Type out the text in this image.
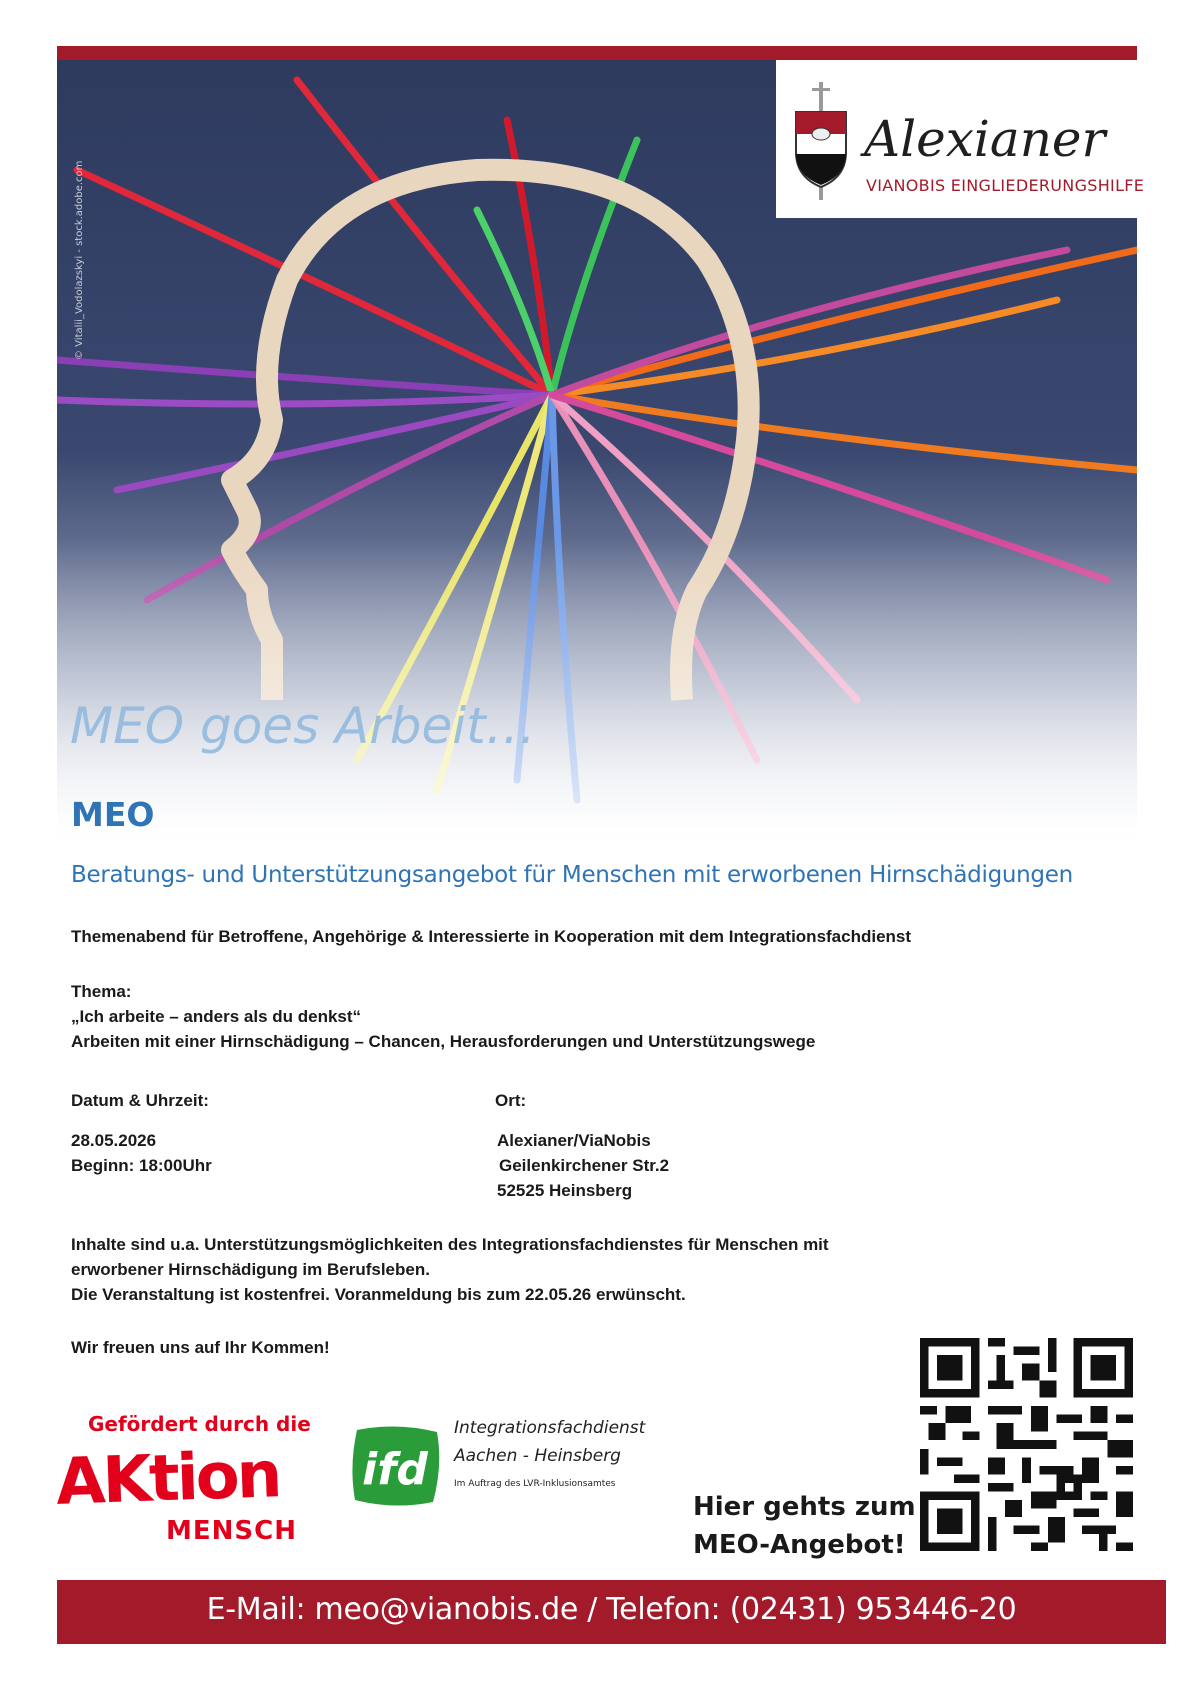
© Vitalii_Vodolazskyi - stock.adobe.com
Alexianer
VIANOBIS EINGLIEDERUNGSHILFE
MEO goes Arbeit…
MEO
Beratungs- und Unterstützungsangebot für Menschen mit erworbenen Hirnschädigungen
Themenabend für Betroffene, Angehörige & Interessierte in Kooperation mit dem Integrationsfachdienst
Thema:
„Ich arbeite – anders als du denkst“
Arbeiten mit einer Hirnschädigung – Chancen, Herausforderungen und Unterstützungswege
Datum & Uhrzeit:
28.05.2026
Beginn: 18:00Uhr
Ort:
Alexianer/ViaNobis
Geilenkirchener Str.2
52525 Heinsberg
Inhalte sind u.a. Unterstützungsmöglichkeiten des Integrationsfachdienstes für Menschen mit
erworbener Hirnschädigung im Berufsleben.
Die Veranstaltung ist kostenfrei. Voranmeldung bis zum 22.05.26 erwünscht.
Wir freuen uns auf Ihr Kommen!
Gefördert durch die
AKtion
MENSCH
ifd
Integrationsfachdienst
Aachen - Heinsberg
Im Auftrag des LVR-Inklusionsamtes
Hier gehts zum
MEO-Angebot!
E-Mail: meo@vianobis.de / Telefon: (02431) 953446-20
